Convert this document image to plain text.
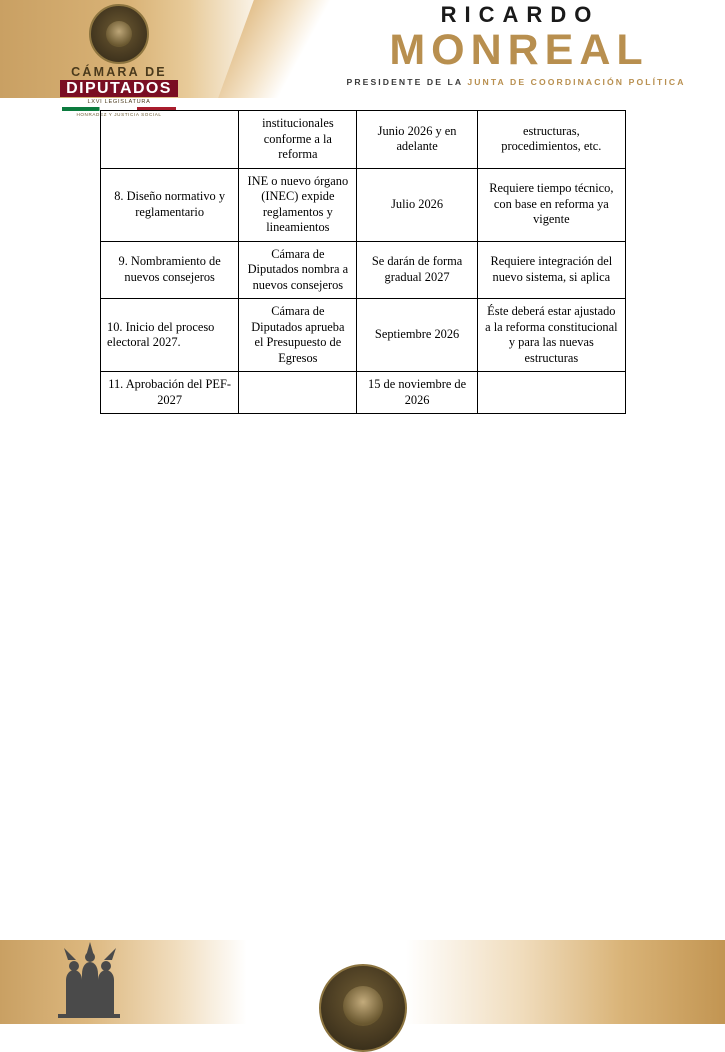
CÁMARA DE
DIPUTADOS
LXVI LEGISLATURA
HONRADEZ Y JUSTICIA SOCIAL
RICARDO
MONREAL
PRESIDENTE DE LA JUNTA DE COORDINACIÓN POLÍTICA
	institucionales conforme a la reforma	Junio 2026 y en adelante	estructuras, procedimientos, etc.
8. Diseño normativo y reglamentario	INE o nuevo órgano (INEC) expide reglamentos y lineamientos	Julio 2026	Requiere tiempo técnico, con base en reforma ya vigente
9. Nombramiento de nuevos consejeros	Cámara de Diputados nombra a nuevos consejeros	Se darán de forma gradual 2027	Requiere integración del nuevo sistema, si aplica
10. Inicio del proceso electoral 2027.	Cámara de Diputados aprueba el Presupuesto de Egresos	Septiembre 2026	Éste deberá estar ajustado a la reforma constitucional y para las nuevas estructuras
11. Aprobación del PEF-2027		15 de noviembre de 2026	
